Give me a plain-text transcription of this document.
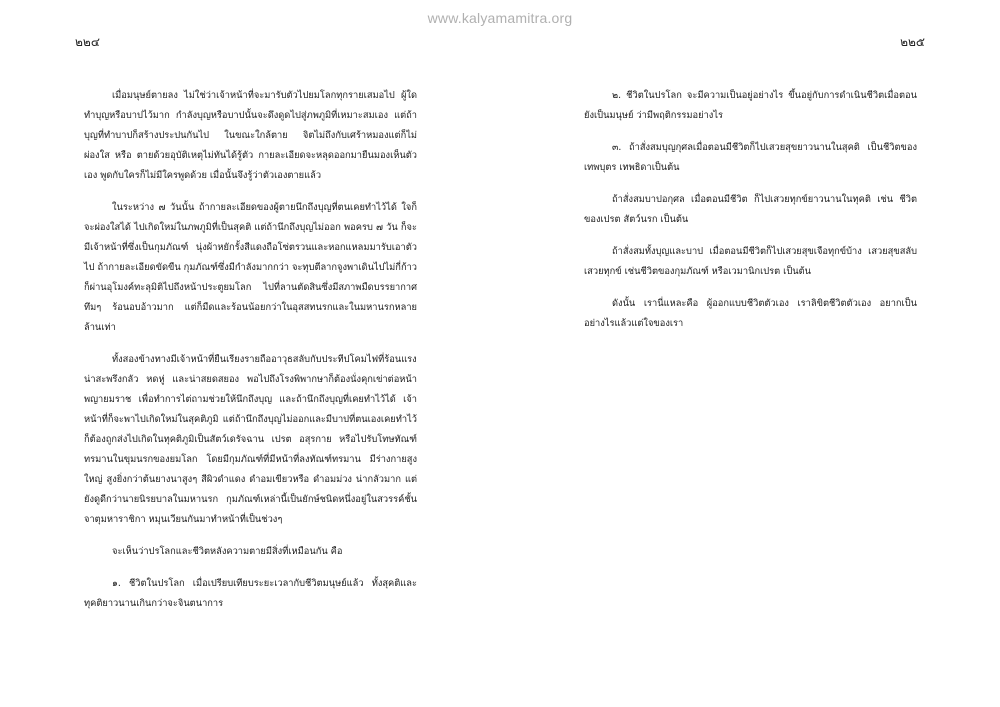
www.kalyamamitra.org
๒๒๔	๒๒๕

เมื่อมนุษย์ตายลง ไม่ใช่ว่าเจ้าหน้าที่จะมารับตัวไปยมโลกทุกรายเสมอไป ผู้ใดทำบุญหรือบาปไว้มาก กำลังบุญหรือบาปนั้นจะดึงดูดไปสู่ภพภูมิที่เหมาะสมเอง แต่ถ้าบุญที่ทำบาปก็สร้างประปนกันไป ในขณะใกล้ตาย จิตไม่ถึงกับเศร้าหมองแต่ก็ไม่ผ่องใส หรือ ตายด้วยอุบัติเหตุไม่ทันได้รู้ตัว กายละเอียดจะหลุดออกมายืนมองเห็นตัวเอง พูดกับใครก็ไม่มีใครพูดด้วย เมื่อนั้นจึงรู้ว่าตัวเองตายแล้ว

ในระหว่าง ๗ วันนั้น ถ้ากายละเอียดของผู้ตายนึกถึงบุญที่ตนเคยทำไว้ได้ ใจก็จะผ่องใสได้ ไปเกิดใหม่ในภพภูมิที่เป็นสุคติ แต่ถ้านึกถึงบุญไม่ออก พอครบ ๗ วัน ก็จะมีเจ้าหน้าที่ซึ่งเป็นกุมภัณฑ์ นุ่งผ้าหยักรั้งสีแดงถือโซ่ตรวนและหอกแหลมมารับเอาตัวไป ถ้ากายละเอียดขัดขืน กุมภัณฑ์ซึ่งมีกำลังมากกว่า จะทุบตีลากจูงพาเดินไปไม่กี่ก้าว ก็ผ่านอุโมงค์ทะลุมิติไปถึงหน้าประตูยมโลก ไปที่ลานตัดสินซึ่งมีสภาพมืดบรรยากาศทึมๆ ร้อนอบอ้าวมาก แต่ก็มืดและร้อนน้อยกว่าในอุสสทนรกและในมหานรกหลายล้านเท่า

ทั้งสองข้างทางมีเจ้าหน้าที่ยืนเรียงรายถืออาวุธสลับกับประทีปโคมไฟที่ร้อนแรง น่าสะพรึงกลัว หดหู่ และน่าสยดสยอง พอไปถึงโรงพิพากษาก็ต้องนั่งคุกเข่าต่อหน้าพญายมราช เพื่อทำการไต่ถามช่วยให้นึกถึงบุญ และถ้านึกถึงบุญที่เคยทำไว้ได้ เจ้าหน้าที่ก็จะพาไปเกิดใหม่ในสุคติภูมิ แต่ถ้านึกถึงบุญไม่ออกและมีบาปที่ตนเองเคยทำไว้ก็ต้องถูกส่งไปเกิดในทุคติภูมิเป็นสัตว์เดรัจฉาน เปรต อสุรกาย หรือไปรับโทษทัณฑ์ทรมานในขุมนรกของยมโลก โดยมีกุมภัณฑ์ที่มีหน้าที่ลงทัณฑ์ทรมาน มีร่างกายสูงใหญ่ สูงยิ่งกว่าต้นยางนาสูงๆ สีผิวดำแดง ดำอมเขียวหรือ ดำอมม่วง น่ากลัวมาก แต่ยังดูดีกว่านายนิรยบาลในมหานรก กุมภัณฑ์เหล่านี้เป็นยักษ์ชนิดหนึ่งอยู่ในสวรรค์ชั้นจาตุมหาราชิกา หมุนเวียนกันมาทำหน้าที่เป็นช่วงๆ

จะเห็นว่าปรโลกและชีวิตหลังความตายมีสิ่งที่เหมือนกัน คือ

๑. ชีวิตในปรโลก เมื่อเปรียบเทียบระยะเวลากับชีวิตมนุษย์แล้ว ทั้งสุคติและทุคติยาวนานเกินกว่าจะจินตนาการ

๒. ชีวิตในปรโลก จะมีความเป็นอยู่อย่างไร ขึ้นอยู่กับการดำเนินชีวิตเมื่อตอนยังเป็นมนุษย์ ว่ามีพฤติกรรมอย่างไร

๓. ถ้าสั่งสมบุญกุศลเมื่อตอนมีชีวิตก็ไปเสวยสุขยาวนานในสุคติ เป็นชีวิตของเทพบุตร เทพธิดาเป็นต้น

ถ้าสั่งสมบาปอกุศล เมื่อตอนมีชีวิต ก็ไปเสวยทุกข์ยาวนานในทุคติ เช่น ชีวิตของเปรต สัตว์นรก เป็นต้น

ถ้าสั่งสมทั้งบุญและบาป เมื่อตอนมีชีวิตก็ไปเสวยสุขเจือทุกข์บ้าง เสวยสุขสลับเสวยทุกข์ เช่นชีวิตของกุมภัณฑ์ หรือเวมานิกเปรต เป็นต้น

ดังนั้น เรานี่แหละคือ ผู้ออกแบบชีวิตตัวเอง เราลิขิตชีวิตตัวเอง อยากเป็นอย่างไรแล้วแต่ใจของเรา
